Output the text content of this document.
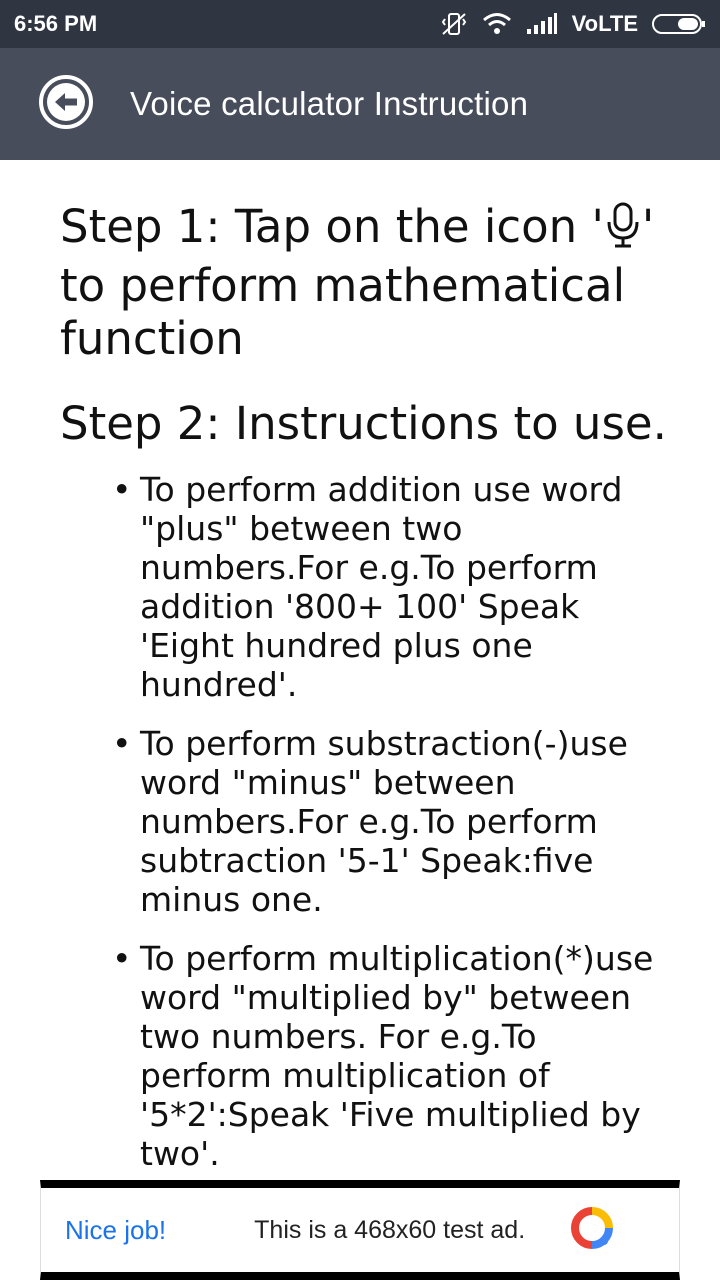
6:56 PM	VoLTE
Voice calculator Instruction
Step 1: Tap on the icon ' ' to perform mathematical function
Step 2: Instructions to use.
• To perform addition use word "plus" between two numbers.For e.g.To perform addition '800+ 100' Speak 'Eight hundred plus one hundred'.
• To perform substraction(-)use word "minus" between numbers.For e.g.To perform subtraction '5-1' Speak:five minus one.
• To perform multiplication(*)use word "multiplied by" between two numbers. For e.g.To perform multiplication of '5*2':Speak 'Five multiplied by two'.
Nice job!	This is a 468x60 test ad.
